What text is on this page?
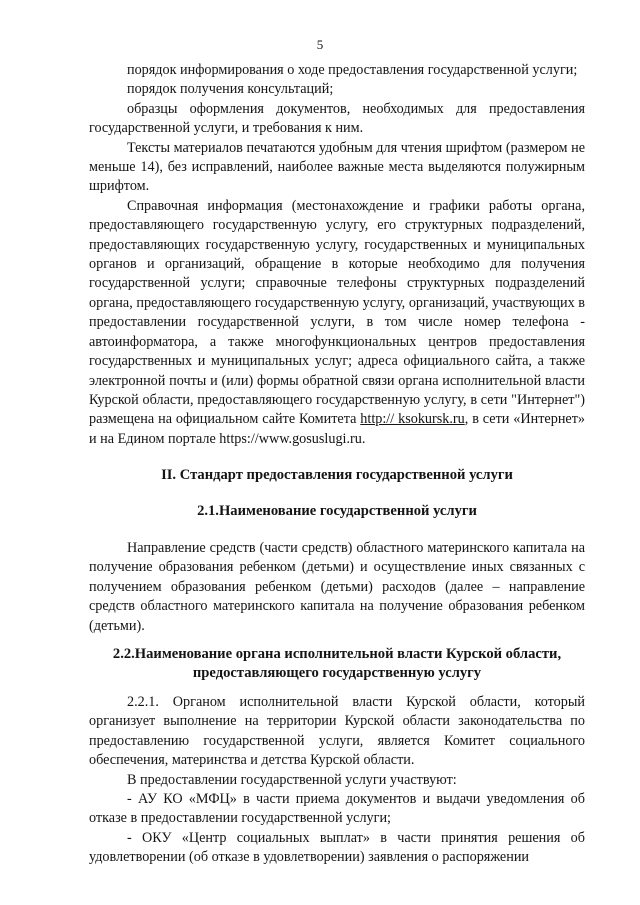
5

порядок информирования о ходе предоставления государственной услуги;

порядок получения консультаций;

образцы оформления документов, необходимых для предоставления государственной услуги, и требования к ним.

Тексты материалов печатаются удобным для чтения шрифтом (размером не меньше 14), без исправлений, наиболее важные места выделяются полужирным шрифтом.

Справочная информация (местонахождение и графики работы органа, предоставляющего государственную услугу, его структурных подразделений, предоставляющих государственную услугу, государственных и муниципальных органов и организаций, обращение в которые необходимо для получения государственной услуги; справочные телефоны структурных подразделений органа, предоставляющего государственную услугу, организаций, участвующих в предоставлении государственной услуги, в том числе номер телефона - автоинформатора, а также многофункциональных центров предоставления государственных и муниципальных услуг; адреса официального сайта, а также электронной почты и (или) формы обратной связи органа исполнительной власти Курской области, предоставляющего государственную услугу, в сети "Интернет") размещена на официальном сайте Комитета http:// ksokursk.ru, в сети «Интернет» и на Едином портале https://www.gosuslugi.ru.

II. Стандарт предоставления государственной услуги

2.1.Наименование государственной услуги

Направление средств (части средств) областного материнского капитала на получение образования ребенком (детьми) и осуществление иных связанных с получением образования ребенком (детьми) расходов (далее – направление средств областного материнского капитала на получение образования ребенком (детьми).

2.2.Наименование органа исполнительной власти Курской области,
предоставляющего государственную услугу

2.2.1. Органом исполнительной власти Курской области, который организует выполнение на территории Курской области законодательства по предоставлению государственной услуги, является Комитет социального обеспечения, материнства и детства Курской области.

В предоставлении государственной услуги участвуют:

- АУ КО «МФЦ» в части приема документов и выдачи уведомления об отказе в предоставлении государственной услуги;

- ОКУ «Центр социальных выплат» в части принятия решения об удовлетворении (об отказе в удовлетворении) заявления о распоряжении
